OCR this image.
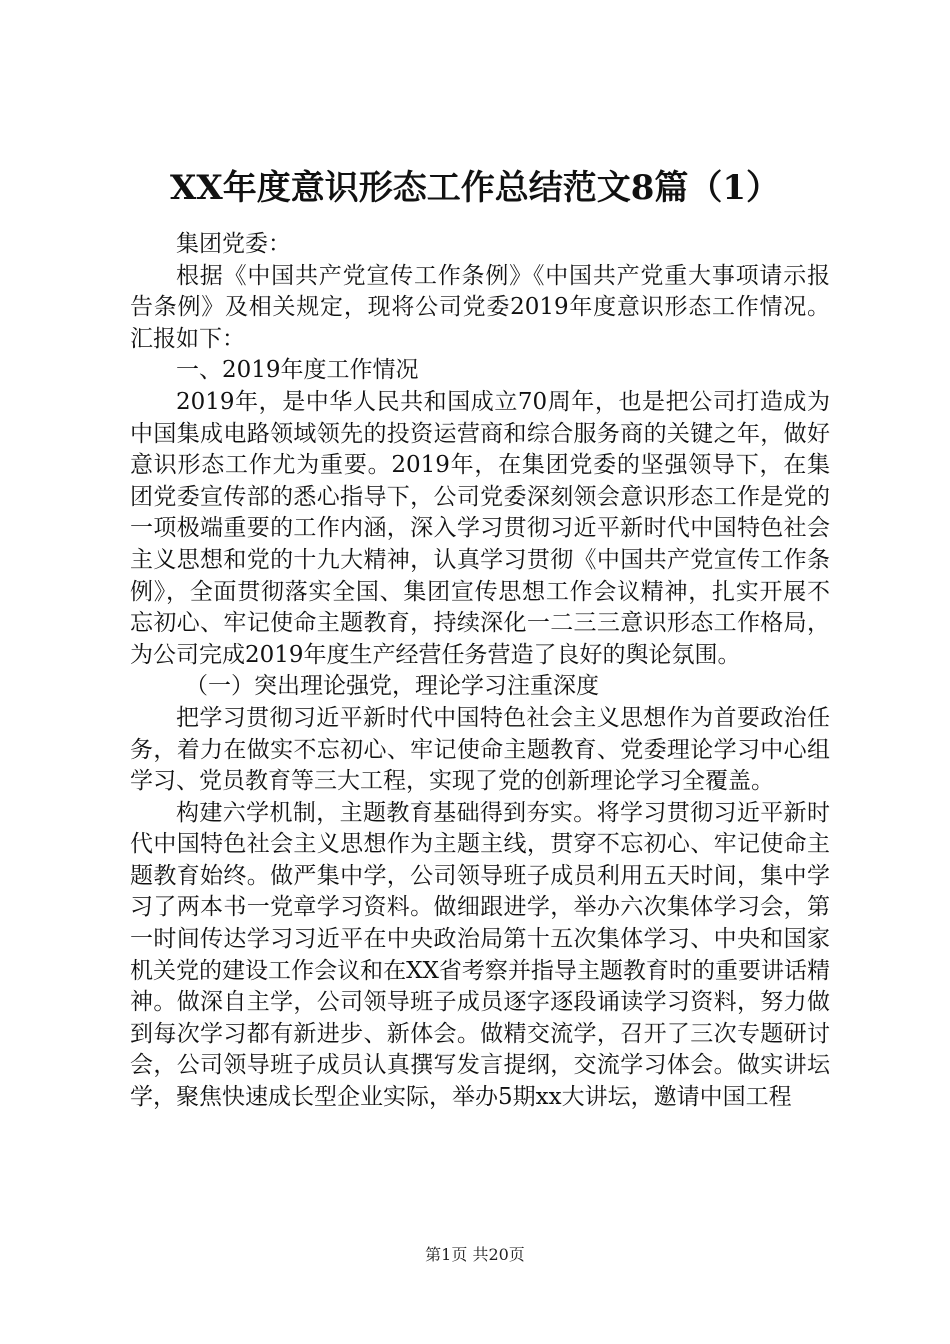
XX年度意识形态工作总结范文8篇（1）

集团党委：

根据《中国共产党宣传工作条例》《中国共产党重大事项请示报告条例》及相关规定，现将公司党委2019年度意识形态工作情况。汇报如下：

一、2019年度工作情况

2019年，是中华人民共和国成立70周年，也是把公司打造成为中国集成电路领域领先的投资运营商和综合服务商的关键之年，做好意识形态工作尤为重要。2019年，在集团党委的坚强领导下，在集团党委宣传部的悉心指导下，公司党委深刻领会意识形态工作是党的一项极端重要的工作内涵，深入学习贯彻习近平新时代中国特色社会主义思想和党的十九大精神，认真学习贯彻《中国共产党宣传工作条例》，全面贯彻落实全国、集团宣传思想工作会议精神，扎实开展不忘初心、牢记使命主题教育，持续深化一二三三意识形态工作格局，为公司完成2019年度生产经营任务营造了良好的舆论氛围。

（一）突出理论强党，理论学习注重深度

把学习贯彻习近平新时代中国特色社会主义思想作为首要政治任务，着力在做实不忘初心、牢记使命主题教育、党委理论学习中心组学习、党员教育等三大工程，实现了党的创新理论学习全覆盖。

构建六学机制，主题教育基础得到夯实。将学习贯彻习近平新时代中国特色社会主义思想作为主题主线，贯穿不忘初心、牢记使命主题教育始终。做严集中学，公司领导班子成员利用五天时间，集中学习了两本书一党章学习资料。做细跟进学，举办六次集体学习会，第一时间传达学习习近平在中央政治局第十五次集体学习、中央和国家机关党的建设工作会议和在XX省考察并指导主题教育时的重要讲话精神。做深自主学，公司领导班子成员逐字逐段诵读学习资料，努力做到每次学习都有新进步、新体会。做精交流学，召开了三次专题研讨会，公司领导班子成员认真撰写发言提纲，交流学习体会。做实讲坛学，聚焦快速成长型企业实际，举办5期xx大讲坛，邀请中国工程

第1页 共20页
